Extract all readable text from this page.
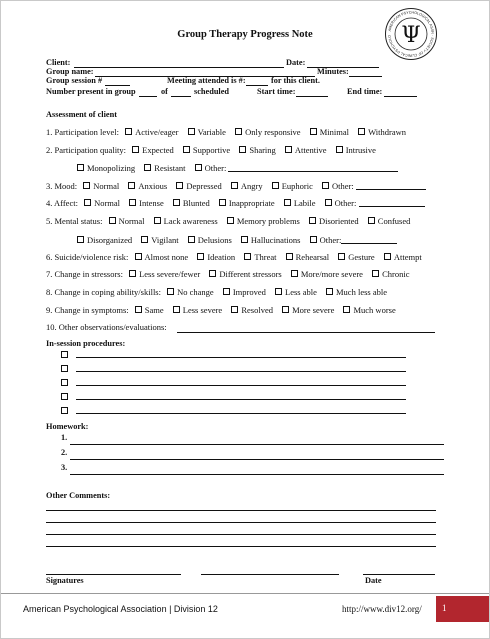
Group Therapy Progress Note	AMERICAN PSYCHOLOGICAL ASSN · SOCIETY OF CLINICAL PSYCHOLO Ψ
Client:	Date:
Group name:	Minutes:
Group session #	Meeting attended is #:	for this client.
Number present in group	of	scheduled	Start time:	End time:
Assessment of client
1. Participation level: Active/eager Variable Only responsive Minimal Withdrawn
2. Participation quality: Expected Supportive Sharing Attentive Intrusive
Monopolizing Resistant Other:
3. Mood: Normal Anxious Depressed Angry Euphoric Other:
4. Affect: Normal Intense Blunted Inappropriate Labile Other:
5. Mental status: Normal Lack awareness Memory problems Disoriented Confused
Disorganized Vigilant Delusions Hallucinations Other:
6. Suicide/violence risk: Almost none Ideation Threat Rehearsal Gesture Attempt
7. Change in stressors: Less severe/fewer Different stressors More/more severe Chronic
8. Change in coping ability/skills: No change Improved Less able Much less able
9. Change in symptoms: Same Less severe Resolved More severe Much worse
10. Other observations/evaluations:
In-session procedures:
Homework:
1.
2.
3.
Other Comments:
Signatures	Date
American Psychological Association | Division 12	http://www.div12.org/ 1
